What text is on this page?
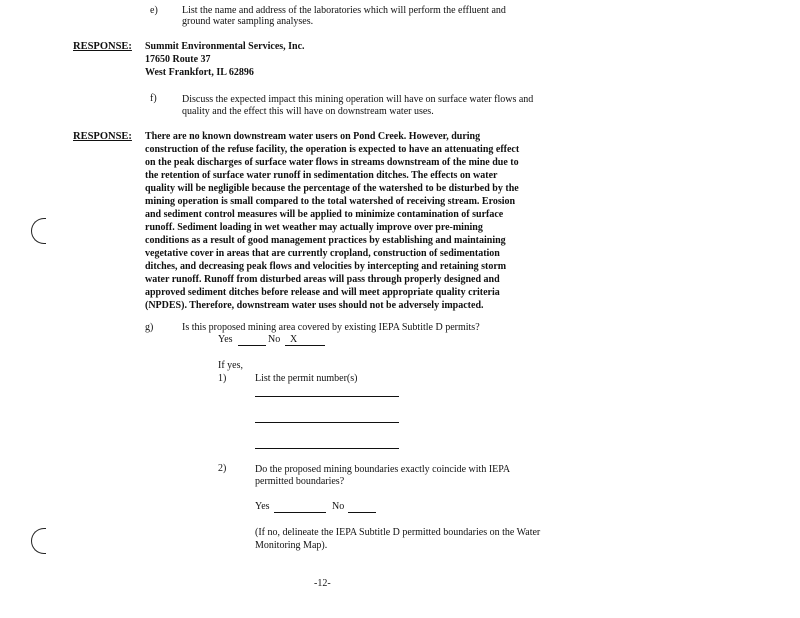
e) List the name and address of the laboratories which will perform the effluent and
ground water sampling analyses.
RESPONSE: Summit Environmental Services, Inc.
17650 Route 37
West Frankfort, IL 62896
f)	Discuss the expected impact this mining operation will have on surface water flows and
quality and the effect this will have on downstream water uses.
RESPONSE: There are no known downstream water users on Pond Creek. However, during
construction of the refuse facility, the operation is expected to have an attenuating effect
on the peak discharges of surface water flows in streams downstream of the mine due to
the retention of surface water runoff in sedimentation ditches. The effects on water
quality will be negligible because the percentage of the watershed to be disturbed by the
mining operation is small compared to the total watershed of receiving stream. Erosion
and sediment control measures will be applied to minimize contamination of surface
runoff. Sediment loading in wet weather may actually improve over pre-mining
conditions as a result of good management practices by establishing and maintaining
vegetative cover in areas that are currently cropland, construction of sedimentation
ditches, and decreasing peak flows and velocities by intercepting and retaining storm
water runoff. Runoff from disturbed areas will pass through properly designed and
approved sediment ditches before release and will meet appropriate quality criteria
(NPDES). Therefore, downstream water uses should not be adversely impacted.
g)	Is this proposed mining area covered by existing IEPA Subtitle D permits?
Yes	No X
If yes,
1)	List the permit number(s)
2)	Do the proposed mining boundaries exactly coincide with IEPA
permitted boundaries?
Yes	No
(If no, delineate the IEPA Subtitle D permitted boundaries on the Water
Monitoring Map).
-12-
